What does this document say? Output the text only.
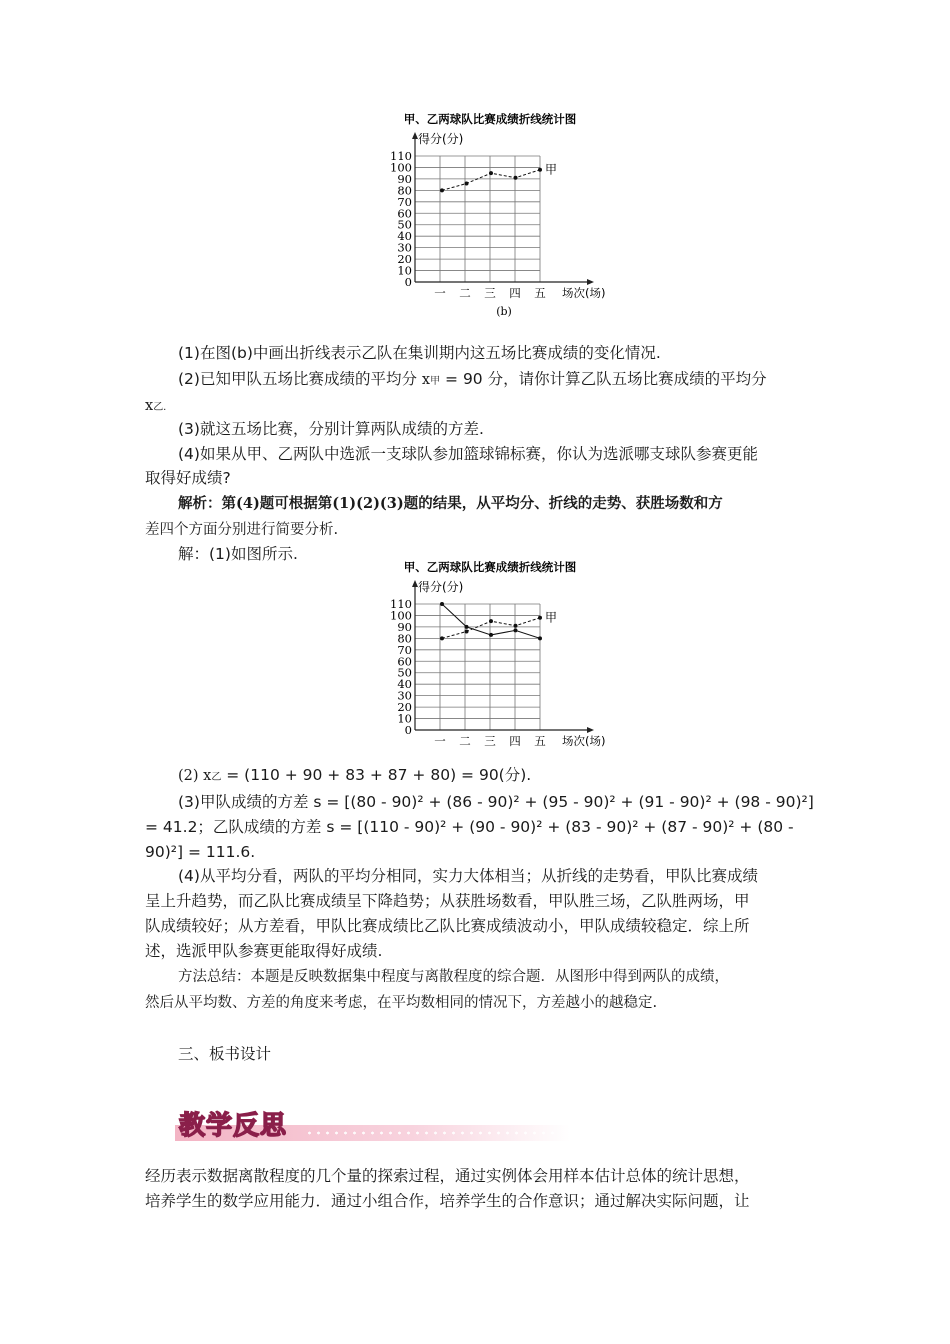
甲、乙两球队比赛成绩折线统计图
得分(分)
0
10
20
30
40
50
60
70
80
90
100
110
一 二 三 四 五 场次(场)
甲
(b)
(1)在图(b)中画出折线表示乙队在集训期内这五场比赛成绩的变化情况.
(2)已知甲队五场比赛成绩的平均分 x甲 = 90 分，请你计算乙队五场比赛成绩的平均分
x乙.
(3)就这五场比赛，分别计算两队成绩的方差.
(4)如果从甲、乙两队中选派一支球队参加篮球锦标赛，你认为选派哪支球队参赛更能
取得好成绩?
解析：第(4)题可根据第(1)(2)(3)题的结果，从平均分、折线的走势、获胜场数和方
差四个方面分别进行简要分析.
解：(1)如图所示.
甲、乙两球队比赛成绩折线统计图
得分(分)
0
10
20
30
40
50
60
70
80
90
100
110
一 二 三 四 五 场次(场)
甲
(2) x乙 = (110 + 90 + 83 + 87 + 80) = 90(分).
(3)甲队成绩的方差 s = [(80 - 90)² + (86 - 90)² + (95 - 90)² + (91 - 90)² + (98 - 90)²]
= 41.2；乙队成绩的方差 s = [(110 - 90)² + (90 - 90)² + (83 - 90)² + (87 - 90)² + (80 -
90)²] = 111.6.
(4)从平均分看，两队的平均分相同，实力大体相当；从折线的走势看，甲队比赛成绩
呈上升趋势，而乙队比赛成绩呈下降趋势；从获胜场数看，甲队胜三场，乙队胜两场，甲
队成绩较好；从方差看，甲队比赛成绩比乙队比赛成绩波动小，甲队成绩较稳定．综上所
述，选派甲队参赛更能取得好成绩.
方法总结：本题是反映数据集中程度与离散程度的综合题．从图形中得到两队的成绩，
然后从平均数、方差的角度来考虑，在平均数相同的情况下，方差越小的越稳定.
三、板书设计
教学反思
经历表示数据离散程度的几个量的探索过程，通过实例体会用样本估计总体的统计思想，
培养学生的数学应用能力．通过小组合作，培养学生的合作意识；通过解决实际问题，让
